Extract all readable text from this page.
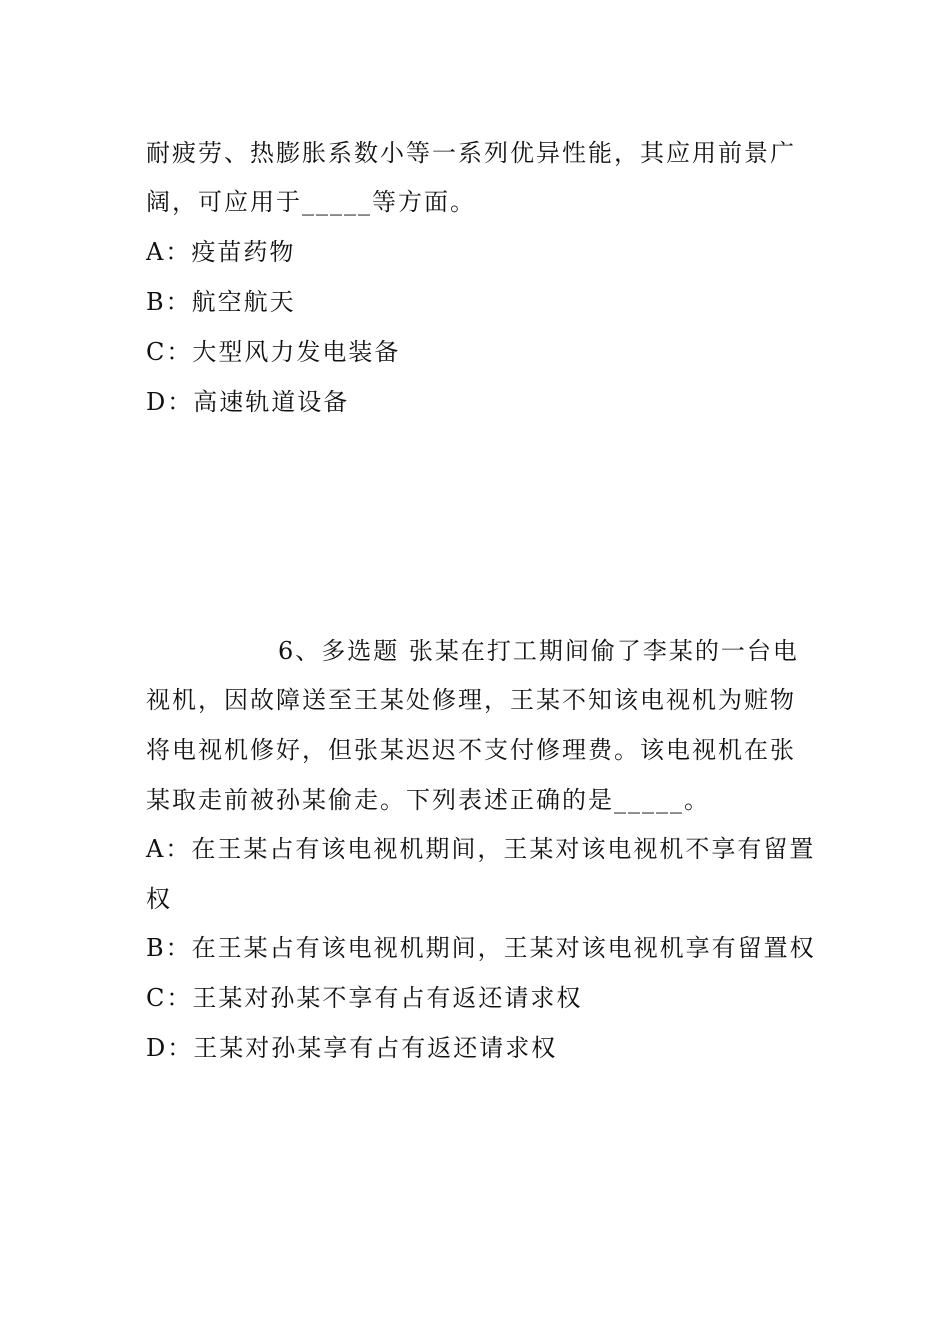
耐疲劳、热膨胀系数小等一系列优异性能，其应用前景广
阔，可应用于_____等方面。
A：疫苗药物
B：航空航天
C：大型风力发电装备
D：高速轨道设备
6、多选题 张某在打工期间偷了李某的一台电
视机，因故障送至王某处修理，王某不知该电视机为赃物
将电视机修好，但张某迟迟不支付修理费。该电视机在张
某取走前被孙某偷走。下列表述正确的是_____。
A：在王某占有该电视机期间，王某对该电视机不享有留置
权
B：在王某占有该电视机期间，王某对该电视机享有留置权
C：王某对孙某不享有占有返还请求权
D：王某对孙某享有占有返还请求权
